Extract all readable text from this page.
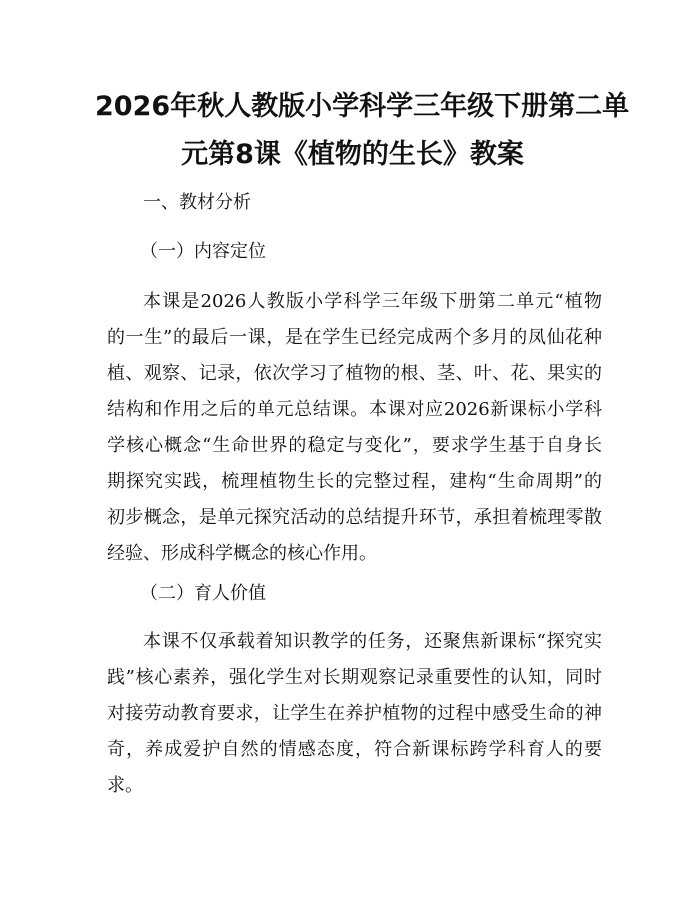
2026年秋人教版小学科学三年级下册第二单
元第8课《植物的生长》教案
一、教材分析
（一）内容定位
本课是2026人教版小学科学三年级下册第二单元“植物
的一生”的最后一课，是在学生已经完成两个多月的凤仙花种
植、观察、记录，依次学习了植物的根、茎、叶、花、果实的
结构和作用之后的单元总结课。本课对应2026新课标小学科
学核心概念“生命世界的稳定与变化”，要求学生基于自身长
期探究实践，梳理植物生长的完整过程，建构“生命周期”的
初步概念，是单元探究活动的总结提升环节，承担着梳理零散
经验、形成科学概念的核心作用。
（二）育人价值
本课不仅承载着知识教学的任务，还聚焦新课标“探究实
践”核心素养，强化学生对长期观察记录重要性的认知，同时
对接劳动教育要求，让学生在养护植物的过程中感受生命的神
奇，养成爱护自然的情感态度，符合新课标跨学科育人的要
求。
